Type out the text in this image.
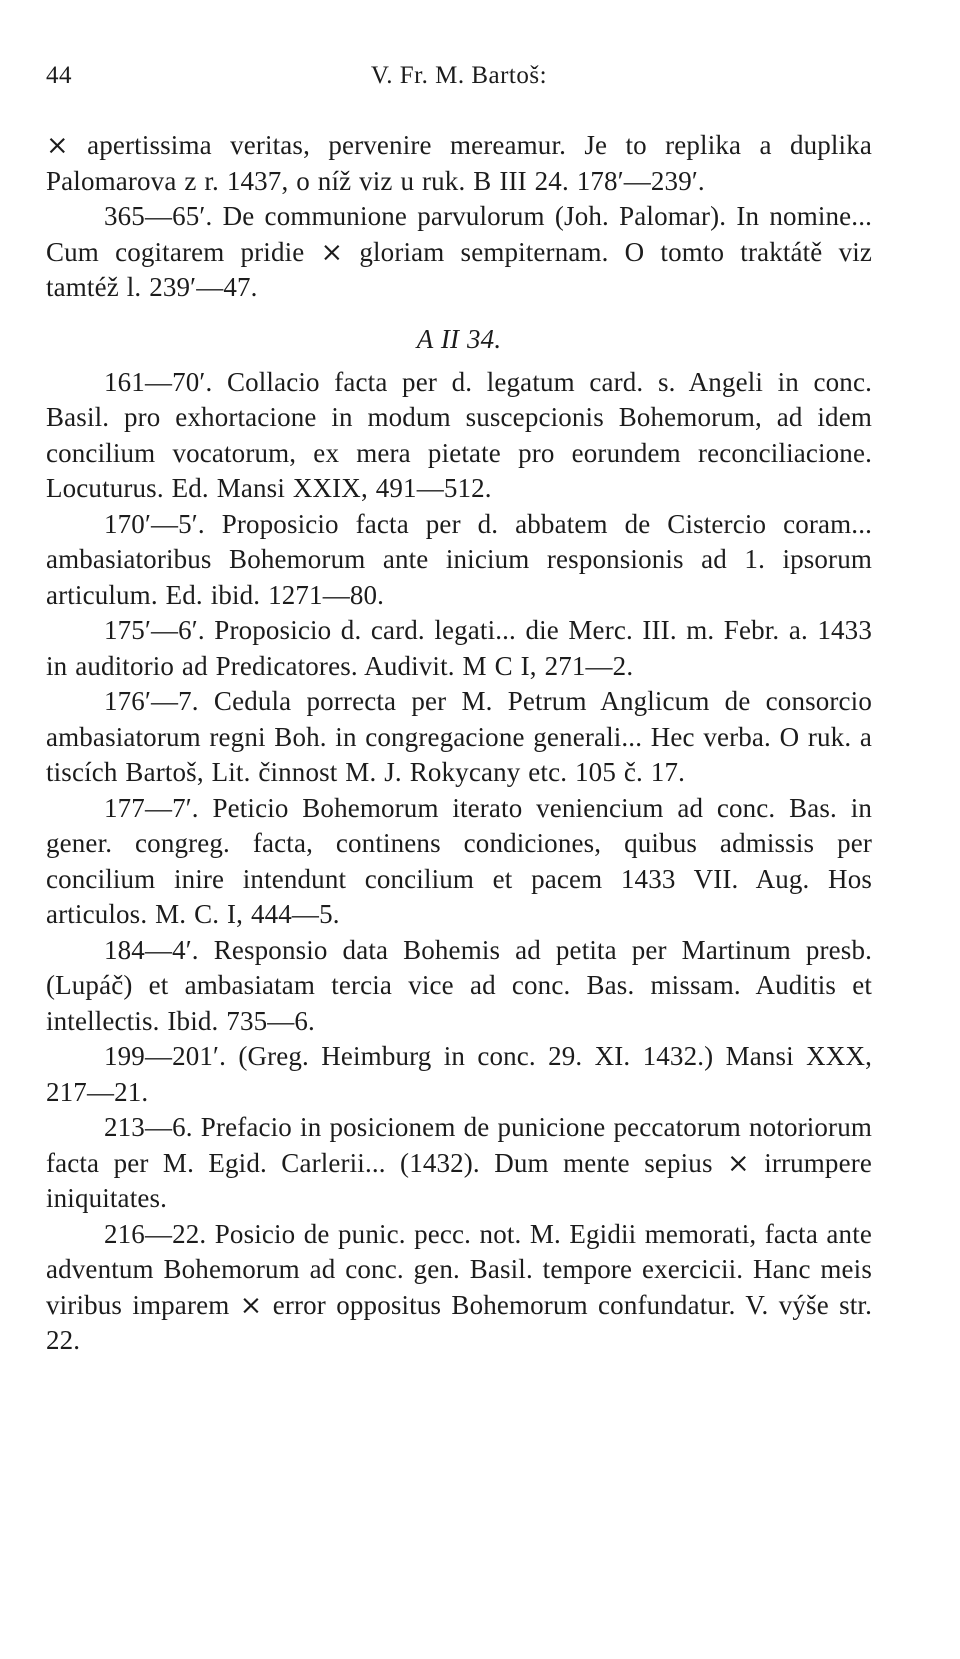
44	V. Fr. M. Bartoš:

⨯ apertissima veritas, pervenire mereamur. Je to replika a duplika Palomarova z r. 1437, o níž viz u ruk. B III 24. 178′—239′.

365—65′. De communione parvulorum (Joh. Palomar). In nomine... Cum cogitarem pridie ⨯ gloriam sempiternam. O tomto traktátě viz tamtéž l. 239′—47.

A II 34.

161—70′. Collacio facta per d. legatum card. s. Angeli in conc. Basil. pro exhortacione in modum suscepcionis Bohemorum, ad idem concilium vocatorum, ex mera pietate pro eorundem reconciliacione. Locuturus. Ed. Mansi XXIX, 491—512.

170′—5′. Proposicio facta per d. abbatem de Cistercio coram... ambasiatoribus Bohemorum ante inicium responsionis ad 1. ipsorum articulum. Ed. ibid. 1271—80.

175′—6′. Proposicio d. card. legati... die Merc. III. m. Febr. a. 1433 in auditorio ad Predicatores. Audivit. M C I, 271—2.

176′—7. Cedula porrecta per M. Petrum Anglicum de consorcio ambasiatorum regni Boh. in congregacione generali... Hec verba. O ruk. a tiscích Bartoš, Lit. činnost M. J. Rokycany etc. 105 č. 17.

177—7′. Peticio Bohemorum iterato veniencium ad conc. Bas. in gener. congreg. facta, continens condiciones, quibus admissis per concilium inire intendunt concilium et pacem 1433 VII. Aug. Hos articulos. M. C. I, 444—5.

184—4′. Responsio data Bohemis ad petita per Martinum presb. (Lupáč) et ambasiatam tercia vice ad conc. Bas. missam. Auditis et intellectis. Ibid. 735—6.

199—201′. (Greg. Heimburg in conc. 29. XI. 1432.) Mansi XXX, 217—21.

213—6. Prefacio in posicionem de punicione peccatorum notoriorum facta per M. Egid. Carlerii... (1432). Dum mente sepius ⨯ irrumpere iniquitates.

216—22. Posicio de punic. pecc. not. M. Egidii memorati, facta ante adventum Bohemorum ad conc. gen. Basil. tempore exercicii. Hanc meis viribus imparem ⨯ error oppositus Bohemorum confundatur. V. výše str. 22.
